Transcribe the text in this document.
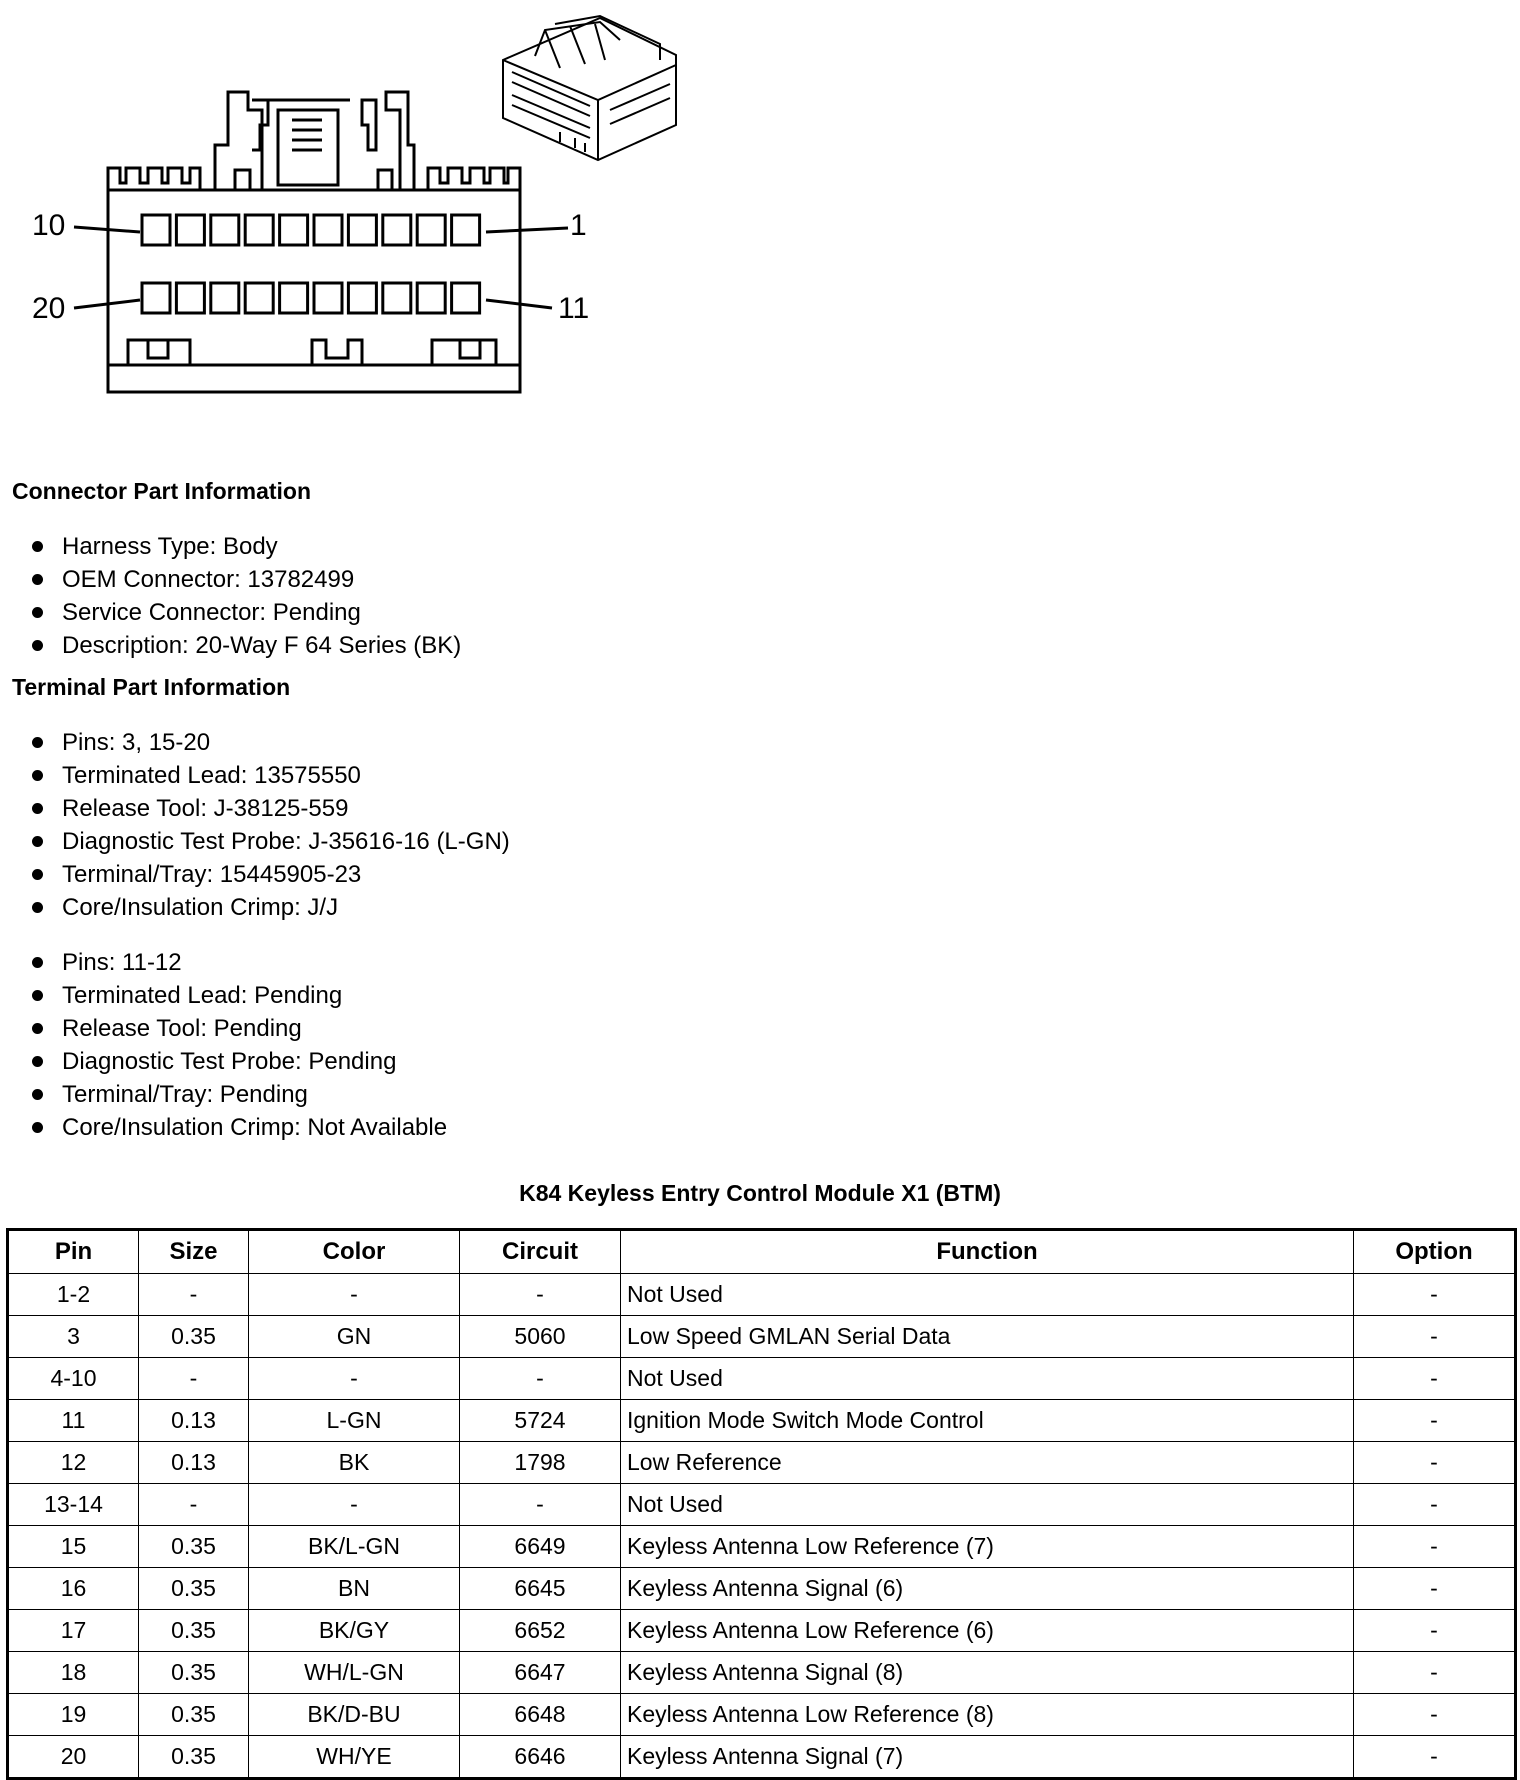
10	1
20	11
Connector Part Information
Harness Type: Body
OEM Connector: 13782499
Service Connector: Pending
Description: 20-Way F 64 Series (BK)
Terminal Part Information
Pins: 3, 15-20
Terminated Lead: 13575550
Release Tool: J-38125-559
Diagnostic Test Probe: J-35616-16 (L-GN)
Terminal/Tray: 15445905-23
Core/Insulation Crimp: J/J
Pins: 11-12
Terminated Lead: Pending
Release Tool: Pending
Diagnostic Test Probe: Pending
Terminal/Tray: Pending
Core/Insulation Crimp: Not Available
K84 Keyless Entry Control Module X1 (BTM)
Pin	Size	Color	Circuit	Function	Option
1-2	-	-	-	Not Used	-
3	0.35	GN	5060	Low Speed GMLAN Serial Data	-
4-10	-	-	-	Not Used	-
11	0.13	L-GN	5724	Ignition Mode Switch Mode Control	-
12	0.13	BK	1798	Low Reference	-
13-14	-	-	-	Not Used	-
15	0.35	BK/L-GN	6649	Keyless Antenna Low Reference (7)	-
16	0.35	BN	6645	Keyless Antenna Signal (6)	-
17	0.35	BK/GY	6652	Keyless Antenna Low Reference (6)	-
18	0.35	WH/L-GN	6647	Keyless Antenna Signal (8)	-
19	0.35	BK/D-BU	6648	Keyless Antenna Low Reference (8)	-
20	0.35	WH/YE	6646	Keyless Antenna Signal (7)	-
